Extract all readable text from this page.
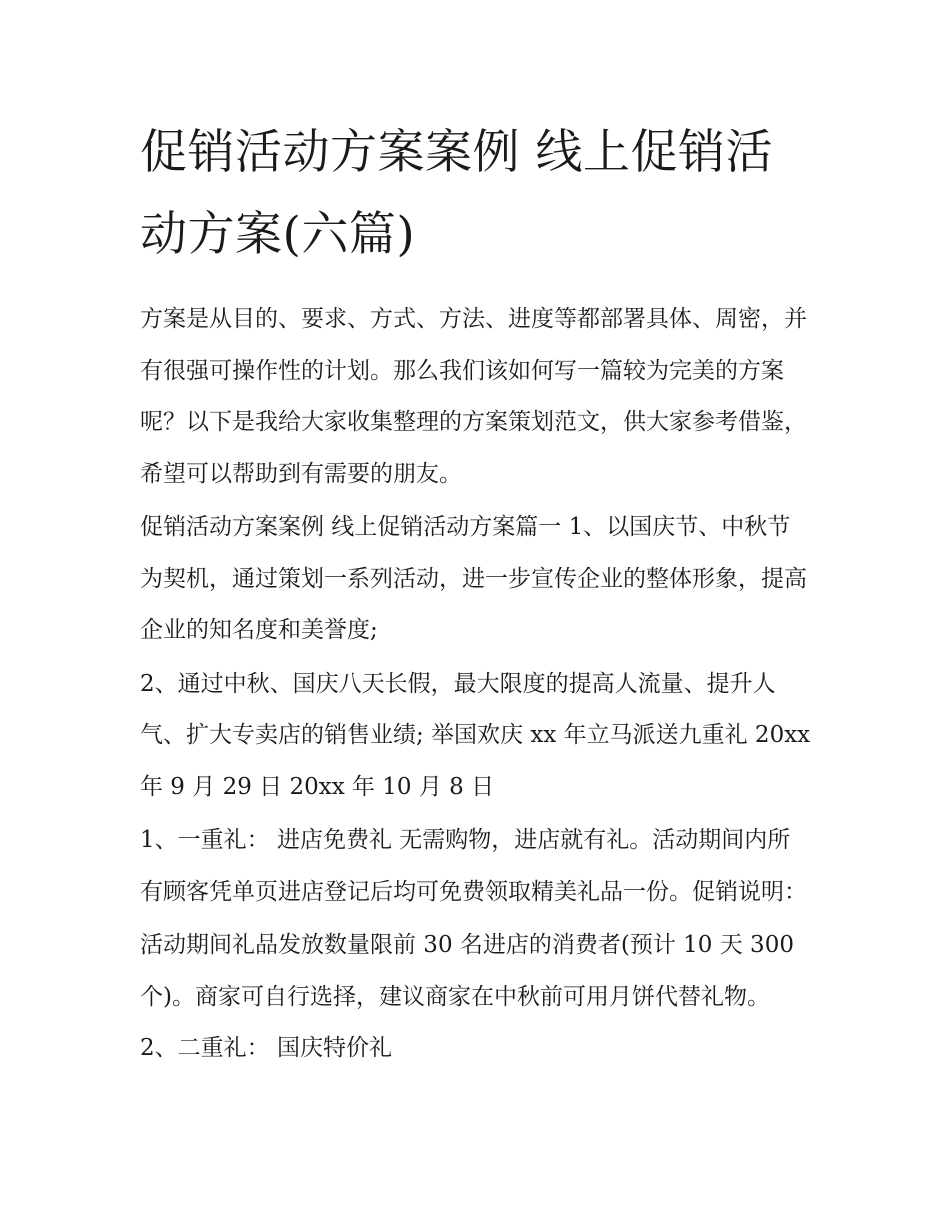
促销活动方案案例 线上促销活动方案(六篇)

方案是从目的、要求、方式、方法、进度等都部署具体、周密，并有很强可操作性的计划。那么我们该如何写一篇较为完美的方案呢？以下是我给大家收集整理的方案策划范文，供大家参考借鉴，希望可以帮助到有需要的朋友。

促销活动方案案例 线上促销活动方案篇一 1、以国庆节、中秋节为契机，通过策划一系列活动，进一步宣传企业的整体形象，提高企业的知名度和美誉度;

2、通过中秋、国庆八天长假，最大限度的提高人流量、提升人气、扩大专卖店的销售业绩; 举国欢庆 xx 年立马派送九重礼 20xx 年 9 月 29 日 20xx 年 10 月 8 日

1、一重礼： 进店免费礼 无需购物，进店就有礼。活动期间内所有顾客凭单页进店登记后均可免费领取精美礼品一份。促销说明：

活动期间礼品发放数量限前 30 名进店的消费者(预计 10 天 300 个)。商家可自行选择，建议商家在中秋前可用月饼代替礼物。 2、二重礼： 国庆特价礼
